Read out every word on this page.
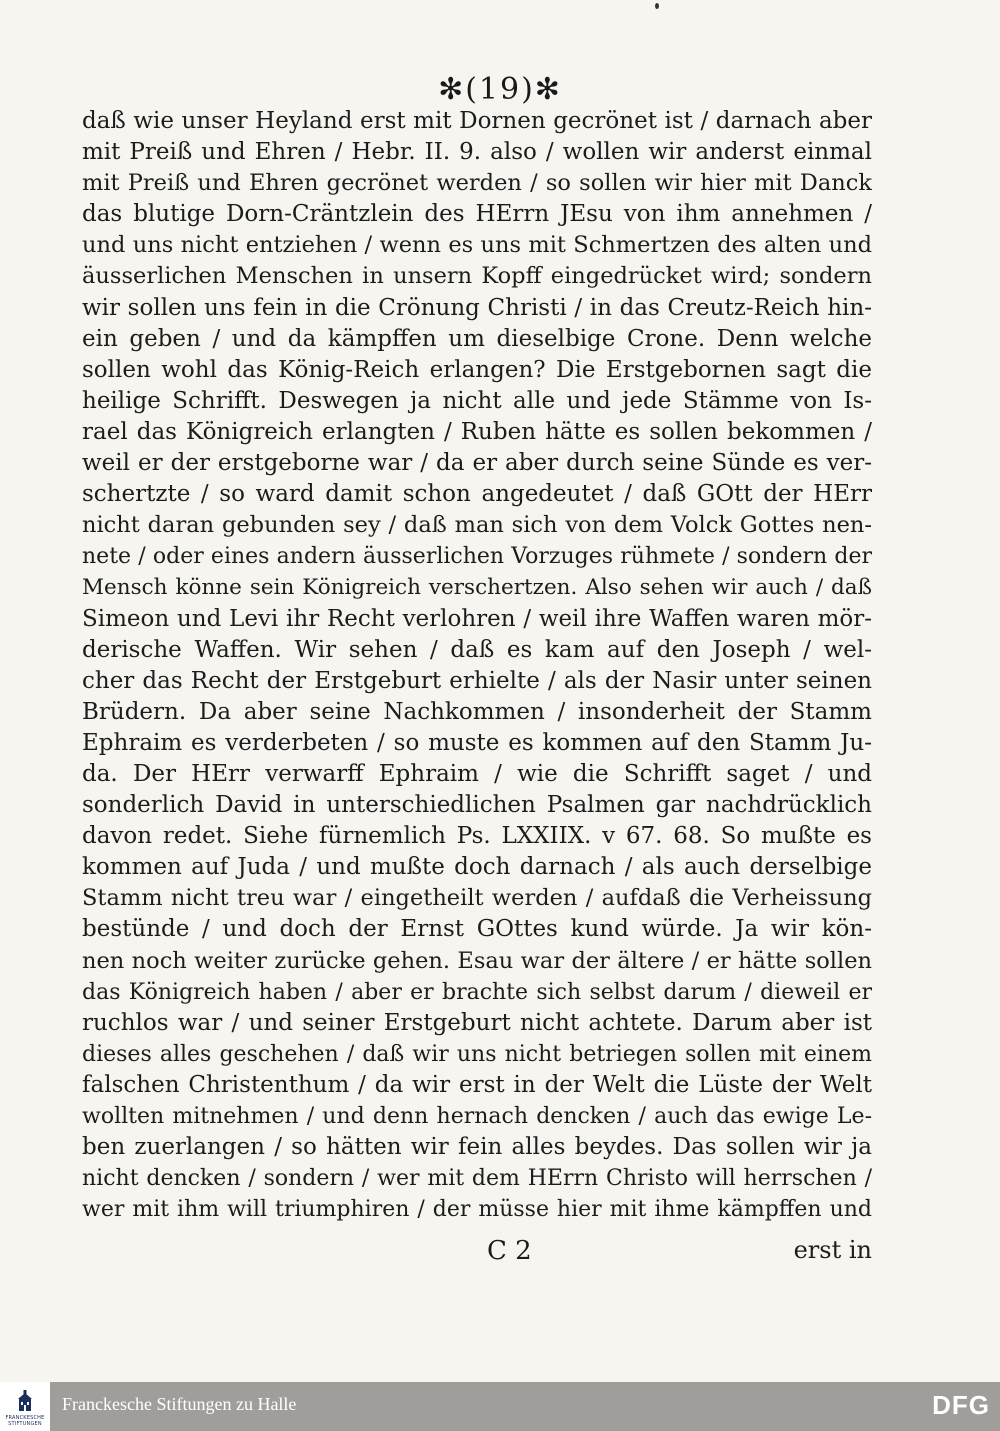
✻(19)✻
daß wie unser Heyland erst mit Dornen gecrönet ist / darnach aber
mit Preiß und Ehren / Hebr. II. 9. also / wollen wir anderst einmal
mit Preiß und Ehren gecrönet werden / so sollen wir hier mit Danck
das blutige Dorn-Cräntzlein des HErrn JEsu von ihm annehmen /
und uns nicht entziehen / wenn es uns mit Schmertzen des alten und
äusserlichen Menschen in unsern Kopff eingedrücket wird; sondern
wir sollen uns fein in die Crönung Christi / in das Creutz-Reich hin-
ein geben / und da kämpffen um dieselbige Crone. Denn welche
sollen wohl das König-Reich erlangen? Die Erstgebornen sagt die
heilige Schrifft. Deswegen ja nicht alle und jede Stämme von Is-
rael das Königreich erlangten / Ruben hätte es sollen bekommen /
weil er der erstgeborne war / da er aber durch seine Sünde es ver-
schertzte / so ward damit schon angedeutet / daß GOtt der HErr
nicht daran gebunden sey / daß man sich von dem Volck Gottes nen-
nete / oder eines andern äusserlichen Vorzuges rühmete / sondern der
Mensch könne sein Königreich verschertzen. Also sehen wir auch / daß
Simeon und Levi ihr Recht verlohren / weil ihre Waffen waren mör-
derische Waffen. Wir sehen / daß es kam auf den Joseph / wel-
cher das Recht der Erstgeburt erhielte / als der Nasir unter seinen
Brüdern. Da aber seine Nachkommen / insonderheit der Stamm
Ephraim es verderbeten / so muste es kommen auf den Stamm Ju-
da. Der HErr verwarff Ephraim / wie die Schrifft saget / und
sonderlich David in unterschiedlichen Psalmen gar nachdrücklich
davon redet. Siehe fürnemlich Ps. LXXIIX. v 67. 68. So mußte es
kommen auf Juda / und mußte doch darnach / als auch derselbige
Stamm nicht treu war / eingetheilt werden / aufdaß die Verheissung
bestünde / und doch der Ernst GOttes kund würde. Ja wir kön-
nen noch weiter zurücke gehen. Esau war der ältere / er hätte sollen
das Königreich haben / aber er brachte sich selbst darum / dieweil er
ruchlos war / und seiner Erstgeburt nicht achtete. Darum aber ist
dieses alles geschehen / daß wir uns nicht betriegen sollen mit einem
falschen Christenthum / da wir erst in der Welt die Lüste der Welt
wollten mitnehmen / und denn hernach dencken / auch das ewige Le-
ben zuerlangen / so hätten wir fein alles beydes. Das sollen wir ja
nicht dencken / sondern / wer mit dem HErrn Christo will herrschen /
wer mit ihm will triumphiren / der müsse hier mit ihme kämpffen und
C 2	erst in
FRANCKESCHE STIFTUNGEN
Franckesche Stiftungen zu Halle	DFG
